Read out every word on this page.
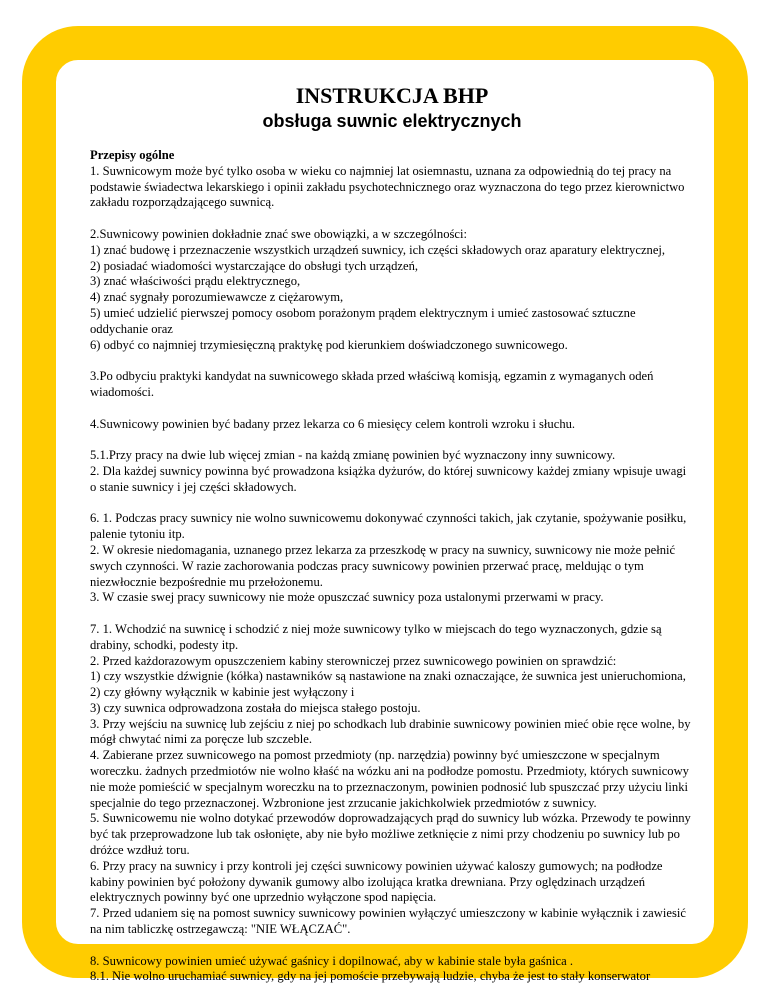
INSTRUKCJA BHP
obsługa suwnic elektrycznych
Przepisy ogólne
1. Suwnicowym może być tylko osoba w wieku co najmniej lat osiemnastu, uznana za odpowiednią do tej pracy na podstawie świadectwa lekarskiego i opinii zakładu psychotechnicznego oraz wyznaczona do tego przez kierownictwo zakładu rozporządzającego suwnicą.
2.Suwnicowy powinien dokładnie znać swe obowiązki, a w szczególności:
1) znać budowę i przeznaczenie wszystkich urządzeń suwnicy, ich części składowych oraz aparatury elektrycznej,
2) posiadać wiadomości wystarczające do obsługi tych urządzeń,
3) znać właściwości prądu elektrycznego,
4) znać sygnały porozumiewawcze z ciężarowym,
5) umieć udzielić pierwszej pomocy osobom porażonym prądem elektrycznym i umieć zastosować sztuczne oddychanie oraz
6) odbyć co najmniej trzymiesięczną praktykę pod kierunkiem doświadczonego suwnicowego.
3.Po odbyciu praktyki kandydat na suwnicowego składa przed właściwą komisją, egzamin z wymaganych odeń wiadomości.
4.Suwnicowy powinien być badany przez lekarza co 6 miesięcy celem kontroli wzroku i słuchu.
5.1.Przy pracy na dwie lub więcej zmian - na każdą zmianę powinien być wyznaczony inny suwnicowy.
2. Dla każdej suwnicy powinna być prowadzona książka dyżurów, do której suwnicowy każdej zmiany wpisuje uwagi o stanie suwnicy i jej części składowych.
6. 1. Podczas pracy suwnicy nie wolno suwnicowemu dokonywać czynności takich, jak czytanie, spożywanie posiłku, palenie tytoniu itp.
2. W okresie niedomagania, uznanego przez lekarza za przeszkodę w pracy na suwnicy, suwnicowy nie może pełnić swych czynności. W razie zachorowania podczas pracy suwnicowy powinien przerwać pracę, meldując o tym niezwłocznie bezpośrednie mu przełożonemu.
3. W czasie swej pracy suwnicowy nie może opuszczać suwnicy poza ustalonymi przerwami w pracy.
7. 1. Wchodzić na suwnicę i schodzić z niej może suwnicowy tylko w miejscach do tego wyznaczonych, gdzie są drabiny, schodki, podesty itp.
2. Przed każdorazowym opuszczeniem kabiny sterowniczej przez suwnicowego powinien on sprawdzić:
1) czy wszystkie dźwignie (kółka) nastawników są nastawione na znaki oznaczające, że suwnica jest unieruchomiona,
2) czy główny wyłącznik w kabinie jest wyłączony i
3) czy suwnica odprowadzona została do miejsca stałego postoju.
3. Przy wejściu na suwnicę lub zejściu z niej po schodkach lub drabinie suwnicowy powinien mieć obie ręce wolne, by mógł chwytać nimi za poręcze lub szczeble.
4. Zabierane przez suwnicowego na pomost przedmioty (np. narzędzia) powinny być umieszczone w specjalnym woreczku. żadnych przedmiotów nie wolno kłaść na wózku ani na podłodze pomostu. Przedmioty, których suwnicowy nie może pomieścić w specjalnym woreczku na to przeznaczonym, powinien podnosić lub spuszczać przy użyciu linki specjalnie do tego przeznaczonej. Wzbronione jest zrzucanie jakichkolwiek przedmiotów z suwnicy.
5. Suwnicowemu nie wolno dotykać przewodów doprowadzających prąd do suwnicy lub wózka. Przewody te powinny być tak przeprowadzone lub tak osłonięte, aby nie było możliwe zetknięcie z nimi przy chodzeniu po suwnicy lub po dróżce wzdłuż toru.
6. Przy pracy na suwnicy i przy kontroli jej części suwnicowy powinien używać kaloszy gumowych; na podłodze kabiny powinien być położony dywanik gumowy albo izolująca kratka drewniana. Przy oględzinach urządzeń elektrycznych powinny być one uprzednio wyłączone spod napięcia.
7. Przed udaniem się na pomost suwnicy suwnicowy powinien wyłączyć umieszczony w kabinie wyłącznik i zawiesić na nim tabliczkę ostrzegawczą: "NIE WŁĄCZAĆ".
8. Suwnicowy powinien umieć używać gaśnicy i dopilnować, aby w kabinie stale była gaśnica .
8.1. Nie wolno uruchamiać suwnicy, gdy na jej pomoście przebywają ludzie, chyba że jest to stały konserwator
